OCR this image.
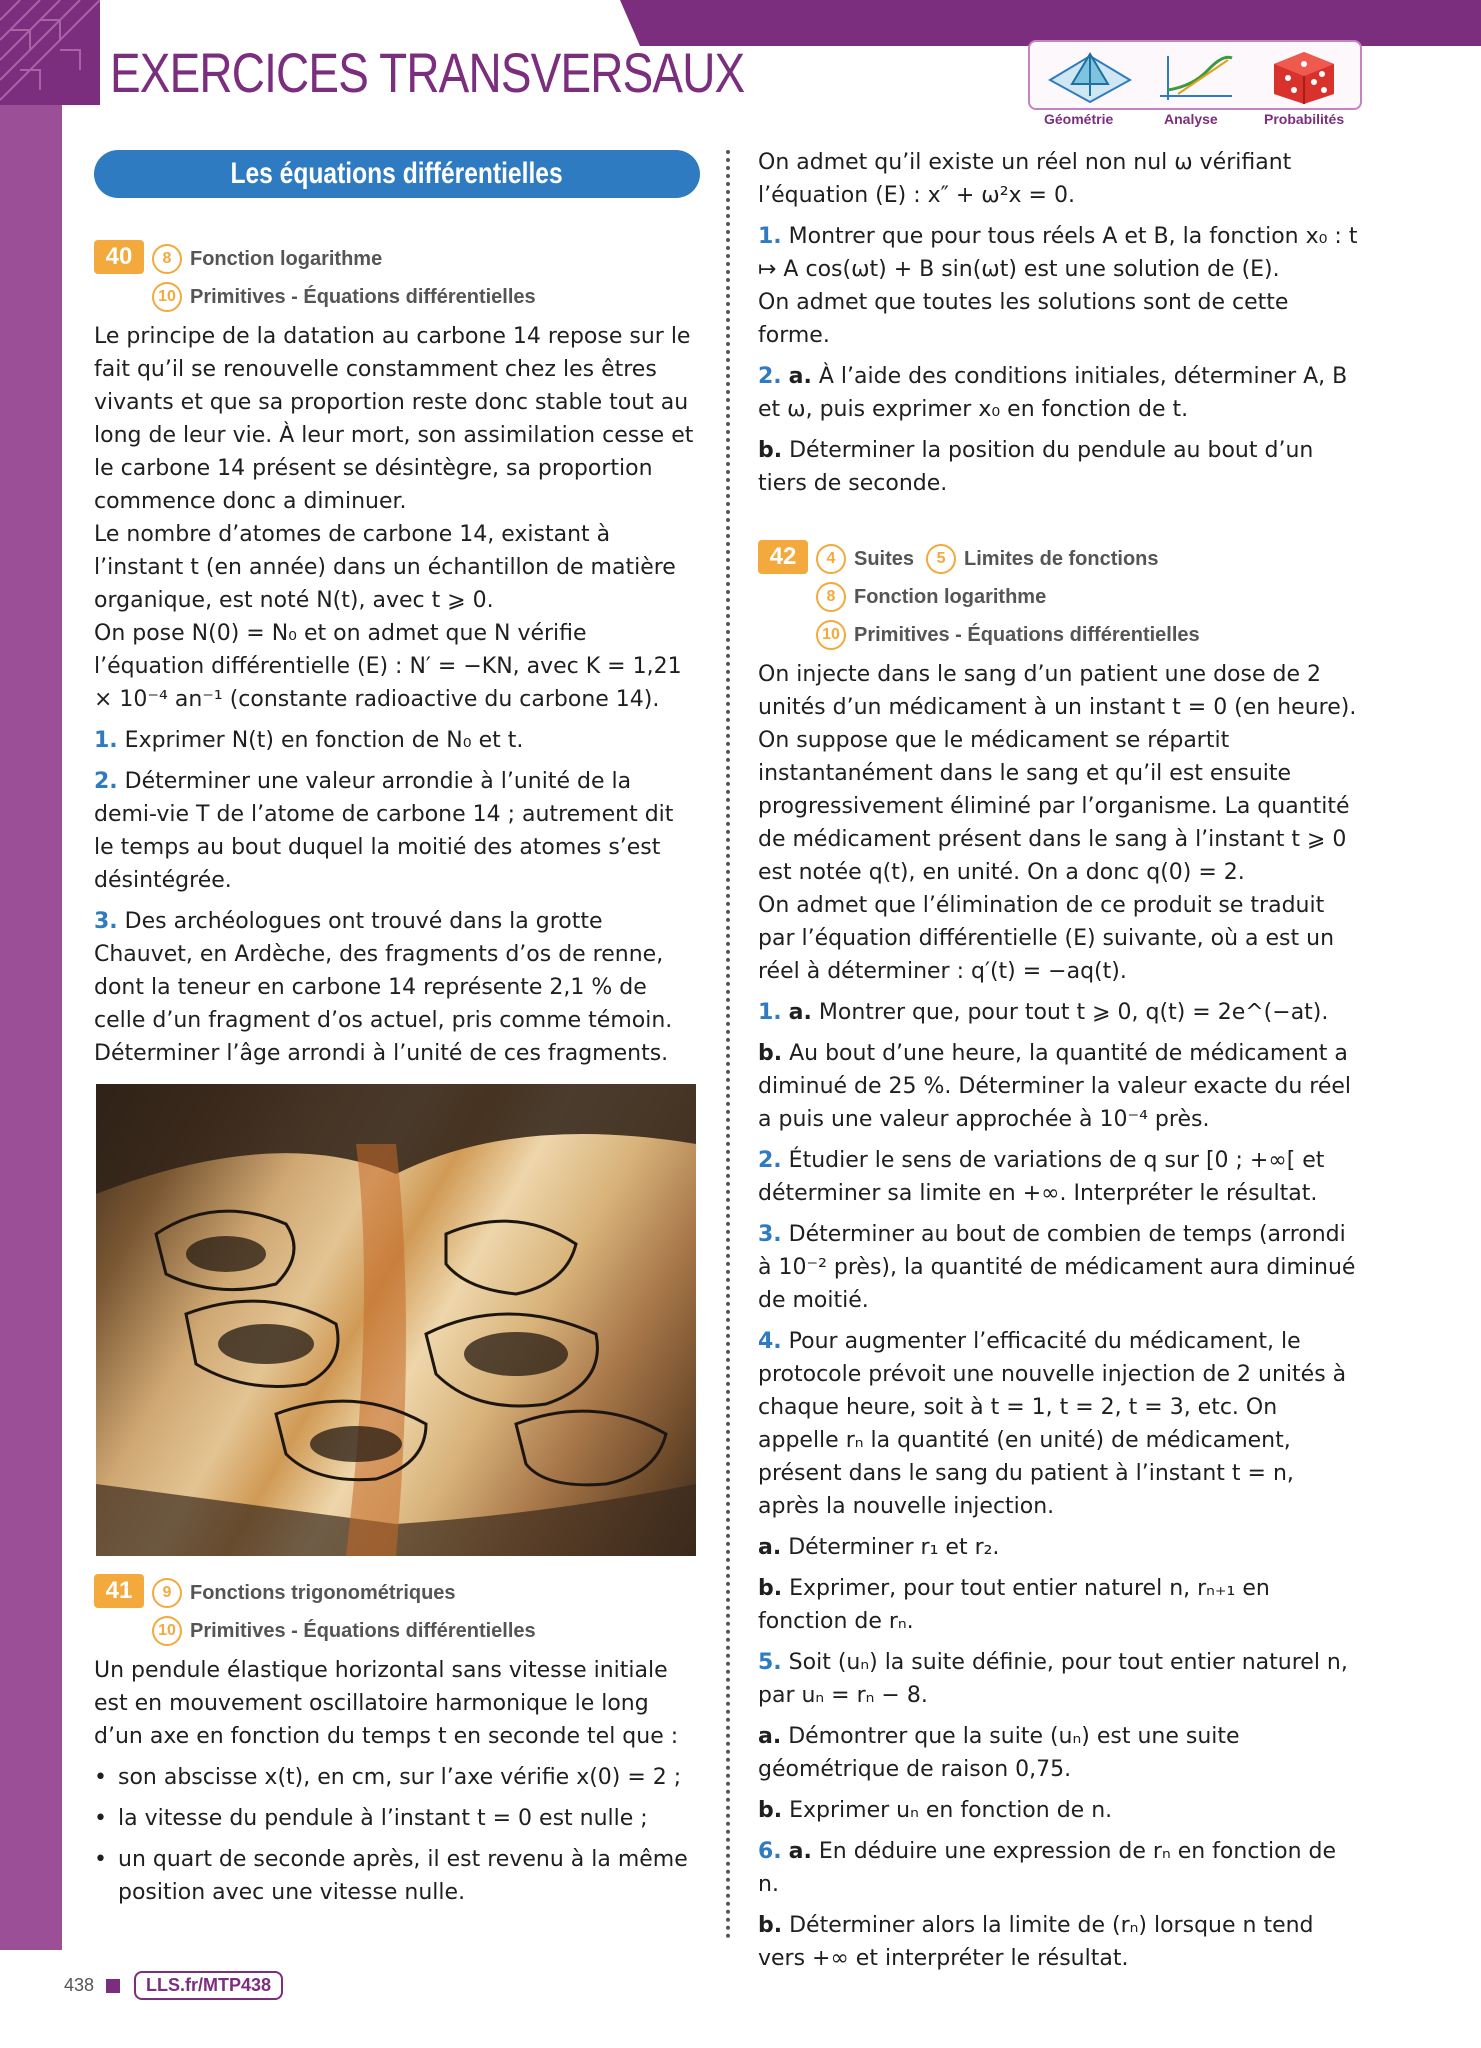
EXERCICES TRANSVERSAUX
Géométrie	Analyse	Probabilités
Les équations différentielles
40	8 Fonction logarithme
10 Primitives - Équations différentielles

Le principe de la datation au carbone 14 repose sur le fait qu’il se renouvelle constamment chez les êtres vivants et que sa proportion reste donc stable tout au long de leur vie. À leur mort, son assimilation cesse et le carbone 14 présent se désintègre, sa proportion commence donc a diminuer.

Le nombre d’atomes de carbone 14, existant à l’instant t (en année) dans un échantillon de matière organique, est noté N(t), avec t ⩾ 0.

On pose N(0) = N₀ et on admet que N vérifie l’équation différentielle (E) : N′ = −KN, avec K = 1,21 × 10⁻⁴ an⁻¹ (constante radioactive du carbone 14).

1. Exprimer N(t) en fonction de N₀ et t.

2. Déterminer une valeur arrondie à l’unité de la demi-vie T de l’atome de carbone 14 ; autrement dit le temps au bout duquel la moitié des atomes s’est désintégrée.

3. Des archéologues ont trouvé dans la grotte Chauvet, en Ardèche, des fragments d’os de renne, dont la teneur en carbone 14 représente 2,1 % de celle d’un fragment d’os actuel, pris comme témoin.

Déterminer l’âge arrondi à l’unité de ces fragments.

41	9 Fonctions trigonométriques
10 Primitives - Équations différentielles

Un pendule élastique horizontal sans vitesse initiale est en mouvement oscillatoire harmonique le long d’un axe en fonction du temps t en seconde tel que :

• son abscisse x(t), en cm, sur l’axe vérifie x(0) = 2 ;
• la vitesse du pendule à l’instant t = 0 est nulle ;
• un quart de seconde après, il est revenu à la même position avec une vitesse nulle.

On admet qu’il existe un réel non nul ω vérifiant l’équation (E) : x″ + ω²x = 0.

1. Montrer que pour tous réels A et B, la fonction x₀ : t ↦ A cos(ωt) + B sin(ωt) est une solution de (E).

On admet que toutes les solutions sont de cette forme.

2. a. À l’aide des conditions initiales, déterminer A, B et ω, puis exprimer x₀ en fonction de t.

b. Déterminer la position du pendule au bout d’un tiers de seconde.

42	4 Suites	5 Limites de fonctions
8 Fonction logarithme
10 Primitives - Équations différentielles

On injecte dans le sang d’un patient une dose de 2 unités d’un médicament à un instant t = 0 (en heure). On suppose que le médicament se répartit instantanément dans le sang et qu’il est ensuite progressivement éliminé par l’organisme. La quantité de médicament présent dans le sang à l’instant t ⩾ 0 est notée q(t), en unité. On a donc q(0) = 2.

On admet que l’élimination de ce produit se traduit par l’équation différentielle (E) suivante, où a est un réel à déterminer : q′(t) = −aq(t).

1. a. Montrer que, pour tout t ⩾ 0, q(t) = 2e^(−at).

b. Au bout d’une heure, la quantité de médicament a diminué de 25 %. Déterminer la valeur exacte du réel a puis une valeur approchée à 10⁻⁴ près.

2. Étudier le sens de variations de q sur [0 ; +∞[ et déterminer sa limite en +∞. Interpréter le résultat.

3. Déterminer au bout de combien de temps (arrondi à 10⁻² près), la quantité de médicament aura diminué de moitié.

4. Pour augmenter l’efficacité du médicament, le protocole prévoit une nouvelle injection de 2 unités à chaque heure, soit à t = 1, t = 2, t = 3, etc. On appelle rₙ la quantité (en unité) de médicament, présent dans le sang du patient à l’instant t = n, après la nouvelle injection.

a. Déterminer r₁ et r₂.

b. Exprimer, pour tout entier naturel n, rₙ₊₁ en fonction de rₙ.

5. Soit (uₙ) la suite définie, pour tout entier naturel n, par uₙ = rₙ − 8.

a. Démontrer que la suite (uₙ) est une suite géométrique de raison 0,75.

b. Exprimer uₙ en fonction de n.

6. a. En déduire une expression de rₙ en fonction de n.

b. Déterminer alors la limite de (rₙ) lorsque n tend vers +∞ et interpréter le résultat.

438	LLS.fr/MTP438
